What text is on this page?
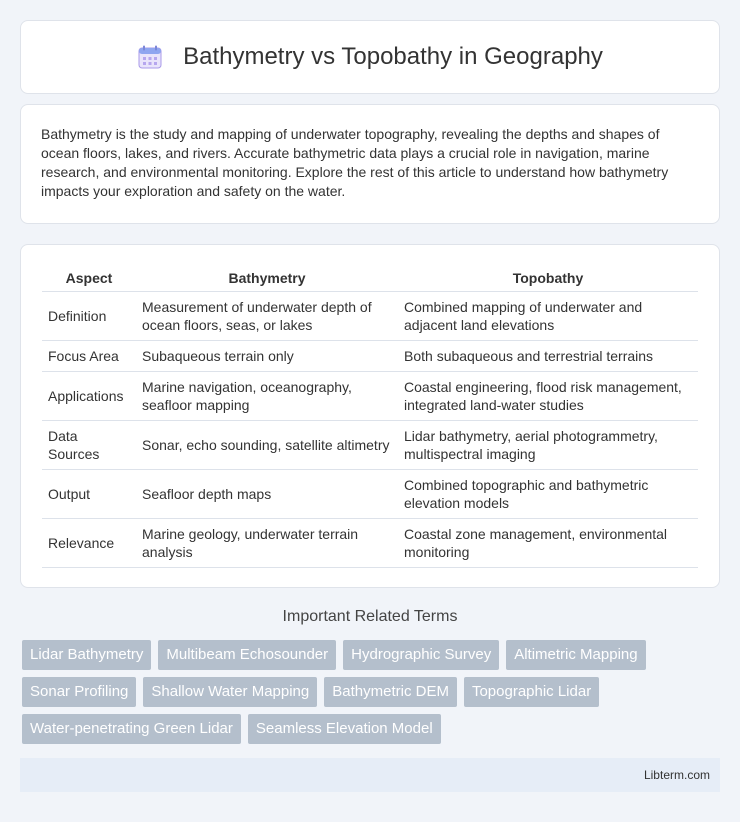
Bathymetry vs Topobathy in Geography

Bathymetry is the study and mapping of underwater topography, revealing the depths and shapes of ocean floors, lakes, and rivers. Accurate bathymetric data plays a crucial role in navigation, marine research, and environmental monitoring. Explore the rest of this article to understand how bathymetry impacts your exploration and safety on the water.

Aspect	Bathymetry	Topobathy
Definition	Measurement of underwater depth of ocean floors, seas, or lakes	Combined mapping of underwater and adjacent land elevations
Focus Area	Subaqueous terrain only	Both subaqueous and terrestrial terrains
Applications	Marine navigation, oceanography, seafloor mapping	Coastal engineering, flood risk management, integrated land-water studies
Data Sources	Sonar, echo sounding, satellite altimetry	Lidar bathymetry, aerial photogrammetry, multispectral imaging
Output	Seafloor depth maps	Combined topographic and bathymetric elevation models
Relevance	Marine geology, underwater terrain analysis	Coastal zone management, environmental monitoring
Important Related Terms
Lidar Bathymetry	Multibeam Echosounder	Hydrographic Survey	Altimetric Mapping
Sonar Profiling	Shallow Water Mapping	Bathymetric DEM	Topographic Lidar
Water-penetrating Green Lidar	Seamless Elevation Model
Libterm.com
